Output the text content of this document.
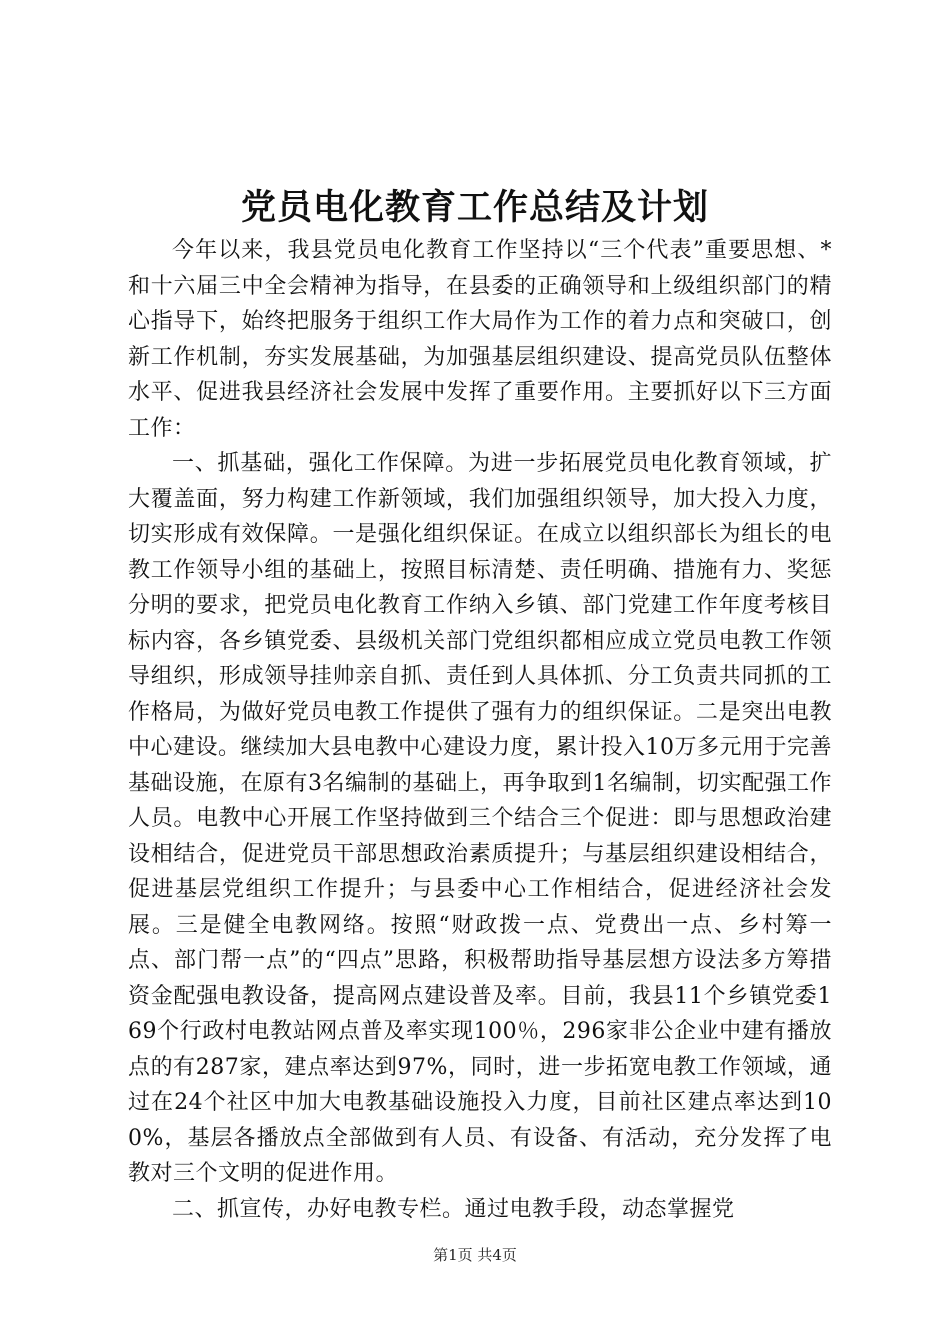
党员电化教育工作总结及计划

今年以来，我县党员电化教育工作坚持以“三个代表”重要思想、*和十六届三中全会精神为指导，在县委的正确领导和上级组织部门的精心指导下，始终把服务于组织工作大局作为工作的着力点和突破口，创新工作机制，夯实发展基础，为加强基层组织建设、提高党员队伍整体水平、促进我县经济社会发展中发挥了重要作用。主要抓好以下三方面工作：

一、抓基础，强化工作保障。为进一步拓展党员电化教育领域，扩大覆盖面，努力构建工作新领域，我们加强组织领导，加大投入力度，切实形成有效保障。一是强化组织保证。在成立以组织部长为组长的电教工作领导小组的基础上，按照目标清楚、责任明确、措施有力、奖惩分明的要求，把党员电化教育工作纳入乡镇、部门党建工作年度考核目标内容，各乡镇党委、县级机关部门党组织都相应成立党员电教工作领导组织，形成领导挂帅亲自抓、责任到人具体抓、分工负责共同抓的工作格局，为做好党员电教工作提供了强有力的组织保证。二是突出电教中心建设。继续加大县电教中心建设力度，累计投入10万多元用于完善基础设施，在原有3名编制的基础上，再争取到1名编制，切实配强工作人员。电教中心开展工作坚持做到三个结合三个促进：即与思想政治建设相结合，促进党员干部思想政治素质提升；与基层组织建设相结合，促进基层党组织工作提升；与县委中心工作相结合，促进经济社会发展。三是健全电教网络。按照“财政拨一点、党费出一点、乡村筹一点、部门帮一点”的“四点”思路，积极帮助指导基层想方设法多方筹措资金配强电教设备，提高网点建设普及率。目前，我县11个乡镇党委169个行政村电教站网点普及率实现100％，296家非公企业中建有播放点的有287家，建点率达到97%，同时，进一步拓宽电教工作领域，通过在24个社区中加大电教基础设施投入力度，目前社区建点率达到100%，基层各播放点全部做到有人员、有设备、有活动，充分发挥了电教对三个文明的促进作用。

二、抓宣传，办好电教专栏。通过电教手段，动态掌握党

第1页 共4页
